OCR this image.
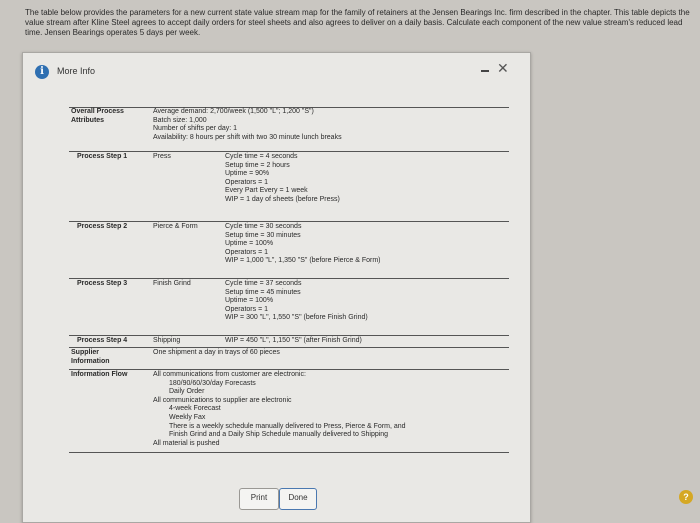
The table below provides the parameters for a new current state value stream map for the family of retainers at the Jensen Bearings Inc. firm described in the chapter. This table depicts the value stream after Kline Steel agrees to accept daily orders for steel sheets and also agrees to deliver on a daily basis. Calculate each component of the new value stream's reduced lead time. Jensen Bearings operates 5 days per week.
i	More Info	✕
Overall Process
Attributes
Average demand: 2,700/week (1,500 "L"; 1,200 "S")
Batch size: 1,000
Number of shifts per day: 1
Availability: 8 hours per shift with two 30 minute lunch breaks
Process Step 1	Press	Cycle time = 4 seconds
Setup time = 2 hours
Uptime = 90%
Operators = 1
Every Part Every = 1 week
WIP = 1 day of sheets (before Press)
Process Step 2	Pierce & Form	Cycle time = 30 seconds
Setup time = 30 minutes
Uptime = 100%
Operators = 1
WIP = 1,000 "L", 1,350 "S" (before Pierce & Form)
Process Step 3	Finish Grind	Cycle time = 37 seconds
Setup time = 45 minutes
Uptime = 100%
Operators = 1
WIP = 300 "L", 1,550 "S" (before Finish Grind)
Process Step 4	Shipping	WIP = 450 "L", 1,150 "S" (after Finish Grind)
Supplier
Information
One shipment a day in trays of 60 pieces
Information Flow	All communications from customer are electronic:
180/90/60/30/day Forecasts
Daily Order
All communications to supplier are electronic
4-week Forecast
Weekly Fax
There is a weekly schedule manually delivered to Press, Pierce & Form, and
Finish Grind and a Daily Ship Schedule manually delivered to Shipping
All material is pushed
Print	Done	?
